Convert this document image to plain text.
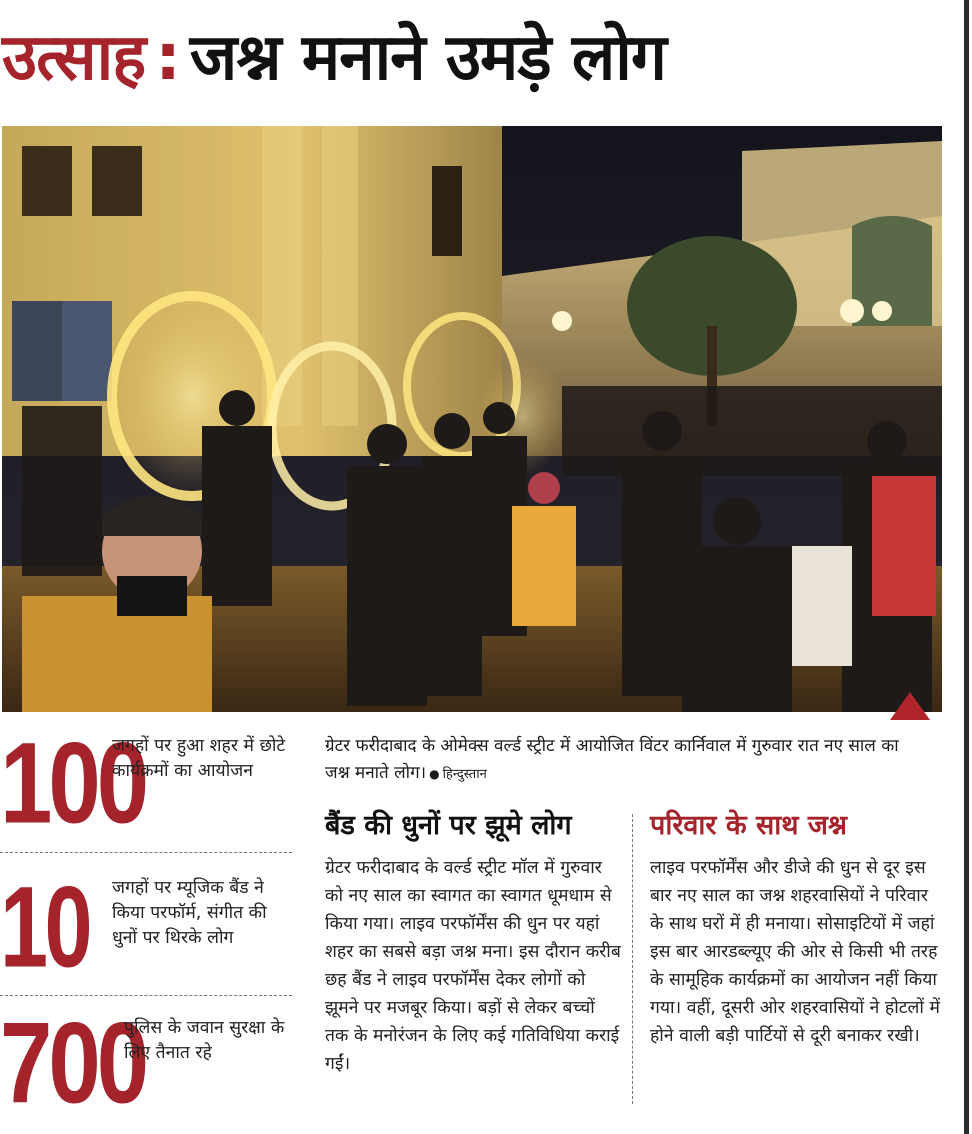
उत्साह : जश्न मनाने उमड़े लोग
100
जगहों पर हुआ शहर में छोटे कार्यक्रमों का आयोजन
10 जगहों पर म्यूजिक बैंड ने किया परफॉर्म, संगीत की धुनों पर थिरके लोग
700
पुलिस के जवान सुरक्षा के लिए तैनात रहे
ग्रेटर फरीदाबाद के ओमेक्स वर्ल्ड स्ट्रीट में आयोजित विंटर कार्निवाल में गुरुवार रात नए साल का जश्न मनाते लोग। ● हिन्दुस्तान
बैंड की धुनों पर झूमे लोग

ग्रेटर फरीदाबाद के वर्ल्ड स्ट्रीट मॉल में गुरुवार को नए साल का स्वागत का स्वागत धूमधाम से किया गया। लाइव परफॉर्मेंस की धुन पर यहां शहर का सबसे बड़ा जश्न मना। इस दौरान करीब छह बैंड ने लाइव परफॉर्मेंस देकर लोगों को झूमने पर मजबूर किया। बड़ों से लेकर बच्चों तक के मनोरंजन के लिए कई गतिविधिया कराई गईं।

परिवार के साथ जश्न

लाइव परफॉर्मेंस और डीजे की धुन से दूर इस बार नए साल का जश्न शहरवासियों ने परिवार के साथ घरों में ही मनाया। सोसाइटियों में जहां इस बार आरडब्ल्यूए की ओर से किसी भी तरह के सामूहिक कार्यक्रमों का आयोजन नहीं किया गया। वहीं, दूसरी ओर शहरवासियों ने होटलों में होने वाली बड़ी पार्टियों से दूरी बनाकर रखी।
